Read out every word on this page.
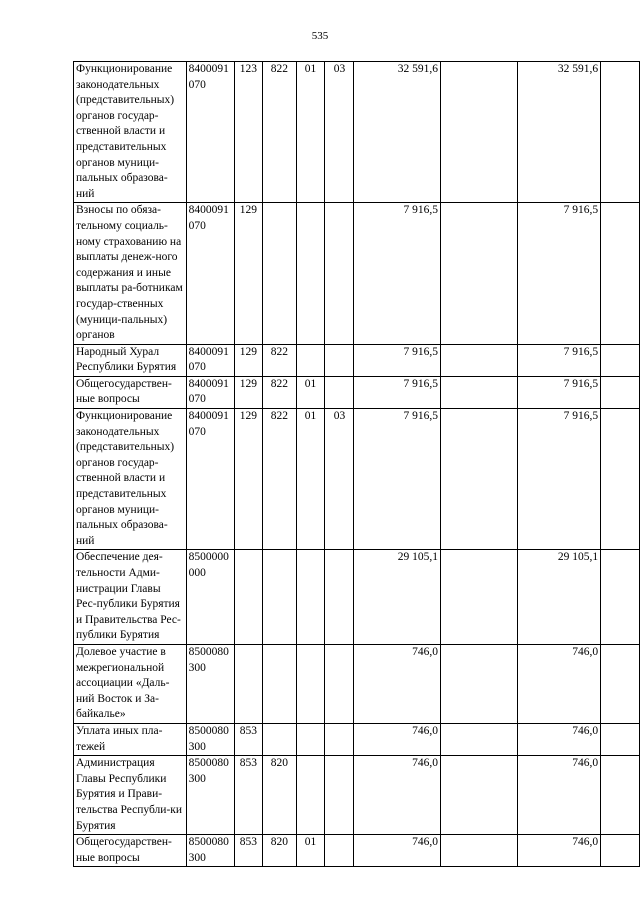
535
Функционирование законодательных (представительных) органов государ-ственной власти и представительных органов муници-пальных образова-ний	8400091070	123	822	01	03	32 591,6		32 591,6	
Взносы по обяза-тельному социаль-ному страхованию на выплаты денеж-ного содержания и иные выплаты ра-ботникам государ-ственных (муници-пальных) органов	8400091070	129				7 916,5		7 916,5	
Народный Хурал Республики Бурятия	8400091070	129	822			7 916,5		7 916,5	
Общегосударствен-ные вопросы	8400091070	129	822	01		7 916,5		7 916,5	
Функционирование законодательных (представительных) органов государ-ственной власти и представительных органов муници-пальных образова-ний	8400091070	129	822	01	03	7 916,5		7 916,5	
Обеспечение дея-тельности Адми-нистрации Главы Рес-публики Бурятия и Правительства Рес-публики Бурятия	8500000000					29 105,1		29 105,1	
Долевое участие в межрегиональной ассоциации «Даль-ний Восток и За-байкалье»	8500080300					746,0		746,0	
Уплата иных пла-тежей	8500080300	853				746,0		746,0	
Администрация Главы Республики Бурятия и Прави-тельства Республи-ки Бурятия	8500080300	853	820			746,0		746,0	
Общегосударствен-ные вопросы	8500080300	853	820	01		746,0		746,0	
